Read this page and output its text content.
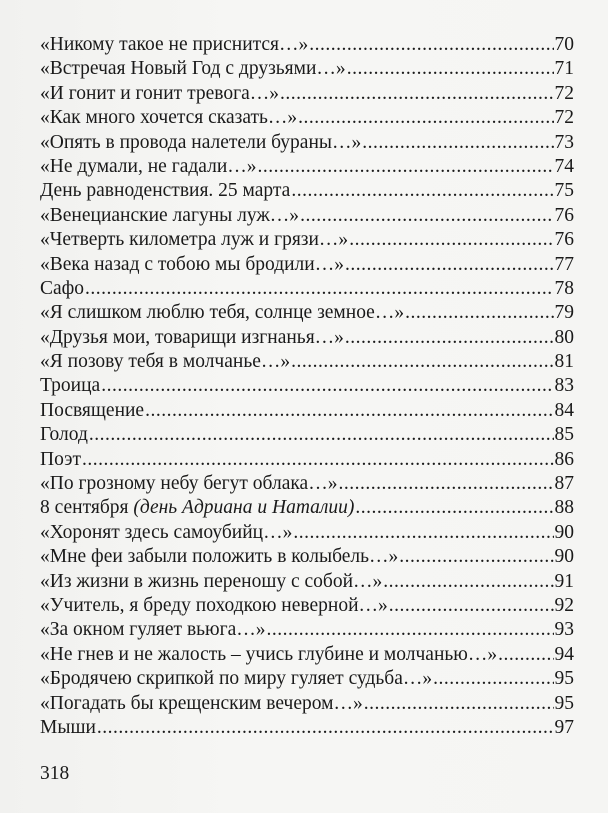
«Никому такое не приснится…» .....	70
«Встречая Новый Год с друзьями…» .....	71
«И гонит и гонит тревога…» .....	72
«Как много хочется сказать…» .....	72
«Опять в провода налетели бураны…» .....	73
«Не думали, не гадали…» .....	74
День равноденствия. 25 марта .....	75
«Венецианские лагуны луж…» .....	76
«Четверть километра луж и грязи…» .....	76
«Века назад с тобою мы бродили…» .....	77
Сафо .....	78
«Я слишком люблю тебя, солнце земное…» .....	79
«Друзья мои, товарищи изгнанья…» .....	80
«Я позову тебя в молчанье…» .....	81
Троица .....	83
Посвящение .....	84
Голод .....	85
Поэт .....	86
«По грозному небу бегут облака…» .....	87
8 сентября (день Адриана и Наталии) .....	88
«Хоронят здесь самоубийц…» .....	90
«Мне феи забыли положить в колыбель…» .....	90
«Из жизни в жизнь переношу с собой…» .....	91
«Учитель, я бреду походкою неверной…» .....	92
«За окном гуляет вьюга…» .....	93
«Не гнев и не жалость – учись глубине и молчанью…» .....	94
«Бродячею скрипкой по миру гуляет судьба…» .....	95
«Погадать бы крещенским вечером…» .....	95
Мыши .....	97
318
